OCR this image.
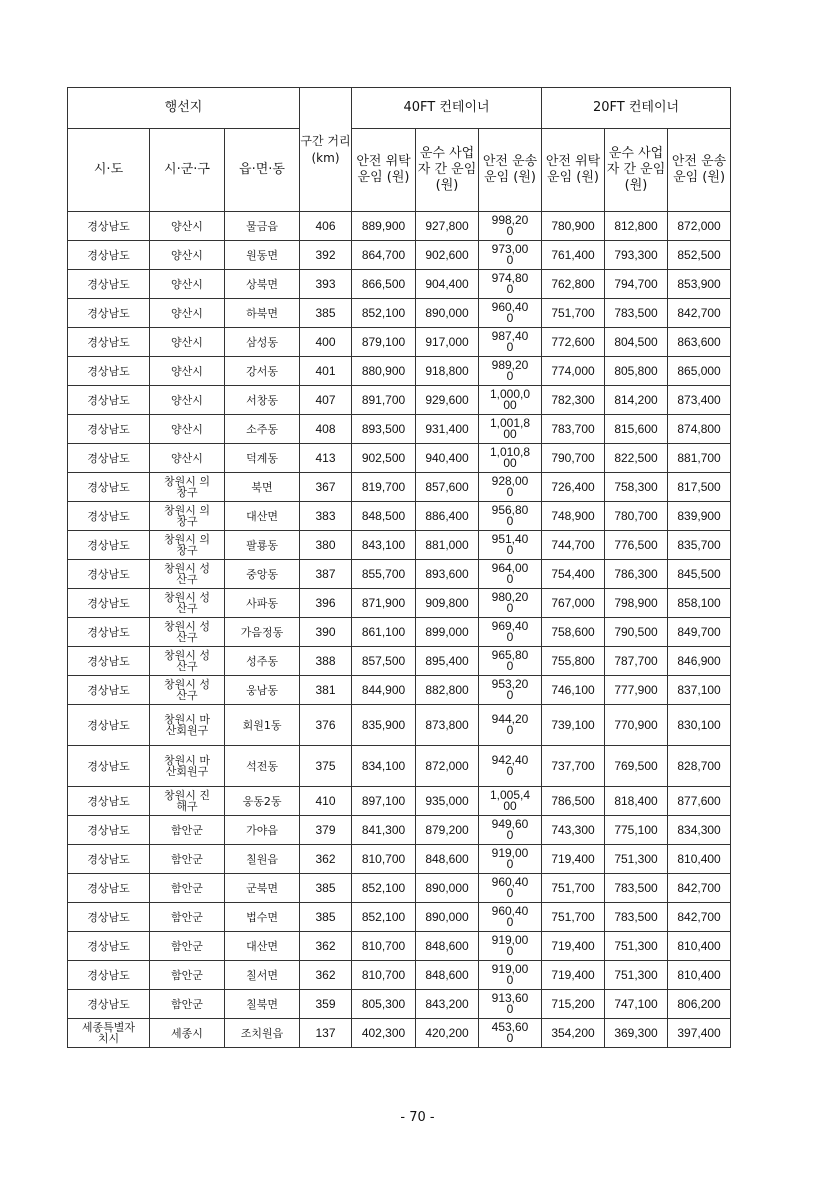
행선지			구간 거리 (km)	40FT 컨테이너			20FT 컨테이너		
시·도	시·군·구	읍·면·동		안전 위탁 운임 (원)	운수 사업자 간 운임 (원)	안전 운송 운임 (원)	안전 위탁 운임 (원)	운수 사업자 간 운임 (원)	안전 운송 운임 (원)

경상남도	양산시	물금읍	406	889,900	927,800	998,200	780,900	812,800	872,000

경상남도	양산시	원동면	392	864,700	902,600	973,000	761,400	793,300	852,500

경상남도	양산시	상북면	393	866,500	904,400	974,800	762,800	794,700	853,900

경상남도	양산시	하북면	385	852,100	890,000	960,400	751,700	783,500	842,700

경상남도	양산시	삼성동	400	879,100	917,000	987,400	772,600	804,500	863,600

경상남도	양산시	강서동	401	880,900	918,800	989,200	774,000	805,800	865,000

경상남도	양산시	서창동	407	891,700	929,600	1,000,000	782,300	814,200	873,400

경상남도	양산시	소주동	408	893,500	931,400	1,001,800	783,700	815,600	874,800

경상남도	양산시	덕계동	413	902,500	940,400	1,010,800	790,700	822,500	881,700

경상남도	창원시 의창구	북면	367	819,700	857,600	928,000	726,400	758,300	817,500

경상남도	창원시 의창구	대산면	383	848,500	886,400	956,800	748,900	780,700	839,900

경상남도	창원시 의창구	팔룡동	380	843,100	881,000	951,400	744,700	776,500	835,700

경상남도	창원시 성산구	중앙동	387	855,700	893,600	964,000	754,400	786,300	845,500

경상남도	창원시 성산구	사파동	396	871,900	909,800	980,200	767,000	798,900	858,100

경상남도	창원시 성산구	가음정동	390	861,100	899,000	969,400	758,600	790,500	849,700

경상남도	창원시 성산구	성주동	388	857,500	895,400	965,800	755,800	787,700	846,900

경상남도	창원시 성산구	웅남동	381	844,900	882,800	953,200	746,100	777,900	837,100

경상남도	창원시 마산회원구	회원1동	376	835,900	873,800	944,200	739,100	770,900	830,100

경상남도	창원시 마산회원구	석전동	375	834,100	872,000	942,400	737,700	769,500	828,700

경상남도	창원시 진해구	웅동2동	410	897,100	935,000	1,005,400	786,500	818,400	877,600

경상남도	함안군	가야읍	379	841,300	879,200	949,600	743,300	775,100	834,300

경상남도	함안군	칠원읍	362	810,700	848,600	919,000	719,400	751,300	810,400

경상남도	함안군	군북면	385	852,100	890,000	960,400	751,700	783,500	842,700

경상남도	함안군	법수면	385	852,100	890,000	960,400	751,700	783,500	842,700

경상남도	함안군	대산면	362	810,700	848,600	919,000	719,400	751,300	810,400

경상남도	함안군	칠서면	362	810,700	848,600	919,000	719,400	751,300	810,400

경상남도	함안군	칠북면	359	805,300	843,200	913,600	715,200	747,100	806,200

세종특별자치시	세종시	조치원읍	137	402,300	420,200	453,600	354,200	369,300	397,400
- 70 -
